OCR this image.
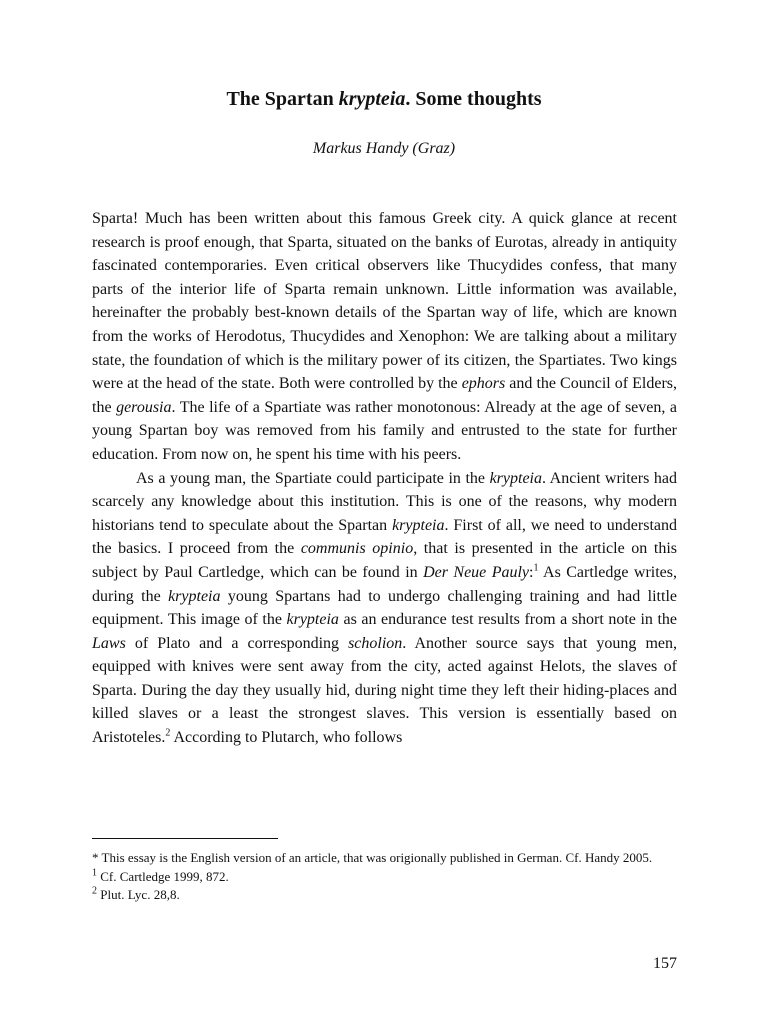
The Spartan krypteia. Some thoughts
Markus Handy (Graz)

Sparta! Much has been written about this famous Greek city. A quick glance at recent research is proof enough, that Sparta, situated on the banks of Eurotas, already in antiquity fascinated contemporaries. Even critical observers like Thucydides confess, that many parts of the interior life of Sparta remain unknown. Little information was available, hereinafter the probably best-known details of the Spartan way of life, which are known from the works of Herodotus, Thucydides and Xenophon: We are talking about a military state, the foundation of which is the military power of its citizen, the Spartiates. Two kings were at the head of the state. Both were controlled by the ephors and the Council of Elders, the gerousia. The life of a Spartiate was rather monotonous: Already at the age of seven, a young Spartan boy was removed from his family and entrusted to the state for further education. From now on, he spent his time with his peers.

As a young man, the Spartiate could participate in the krypteia. Ancient writers had scarcely any knowledge about this institution. This is one of the reasons, why modern historians tend to speculate about the Spartan krypteia. First of all, we need to understand the basics. I proceed from the communis opinio, that is presented in the article on this subject by Paul Cartledge, which can be found in Der Neue Pauly:$^1$ As Cartledge writes, during the krypteia young Spartans had to undergo challenging training and had little equipment. This image of the krypteia as an endurance test results from a short note in the Laws of Plato and a corresponding scholion. Another source says that young men, equipped with knives were sent away from the city, acted against Helots, the slaves of Sparta. During the day they usually hid, during night time they left their hiding-places and killed slaves or a least the strongest slaves. This version is essentially based on Aristoteles.$^2$ According to Plutarch, who follows

* This essay is the English version of an article, that was origionally published in German. Cf. Handy 2005.
$^1$ Cf. Cartledge 1999, 872.
$^2$ Plut. Lyc. 28,8.
157
